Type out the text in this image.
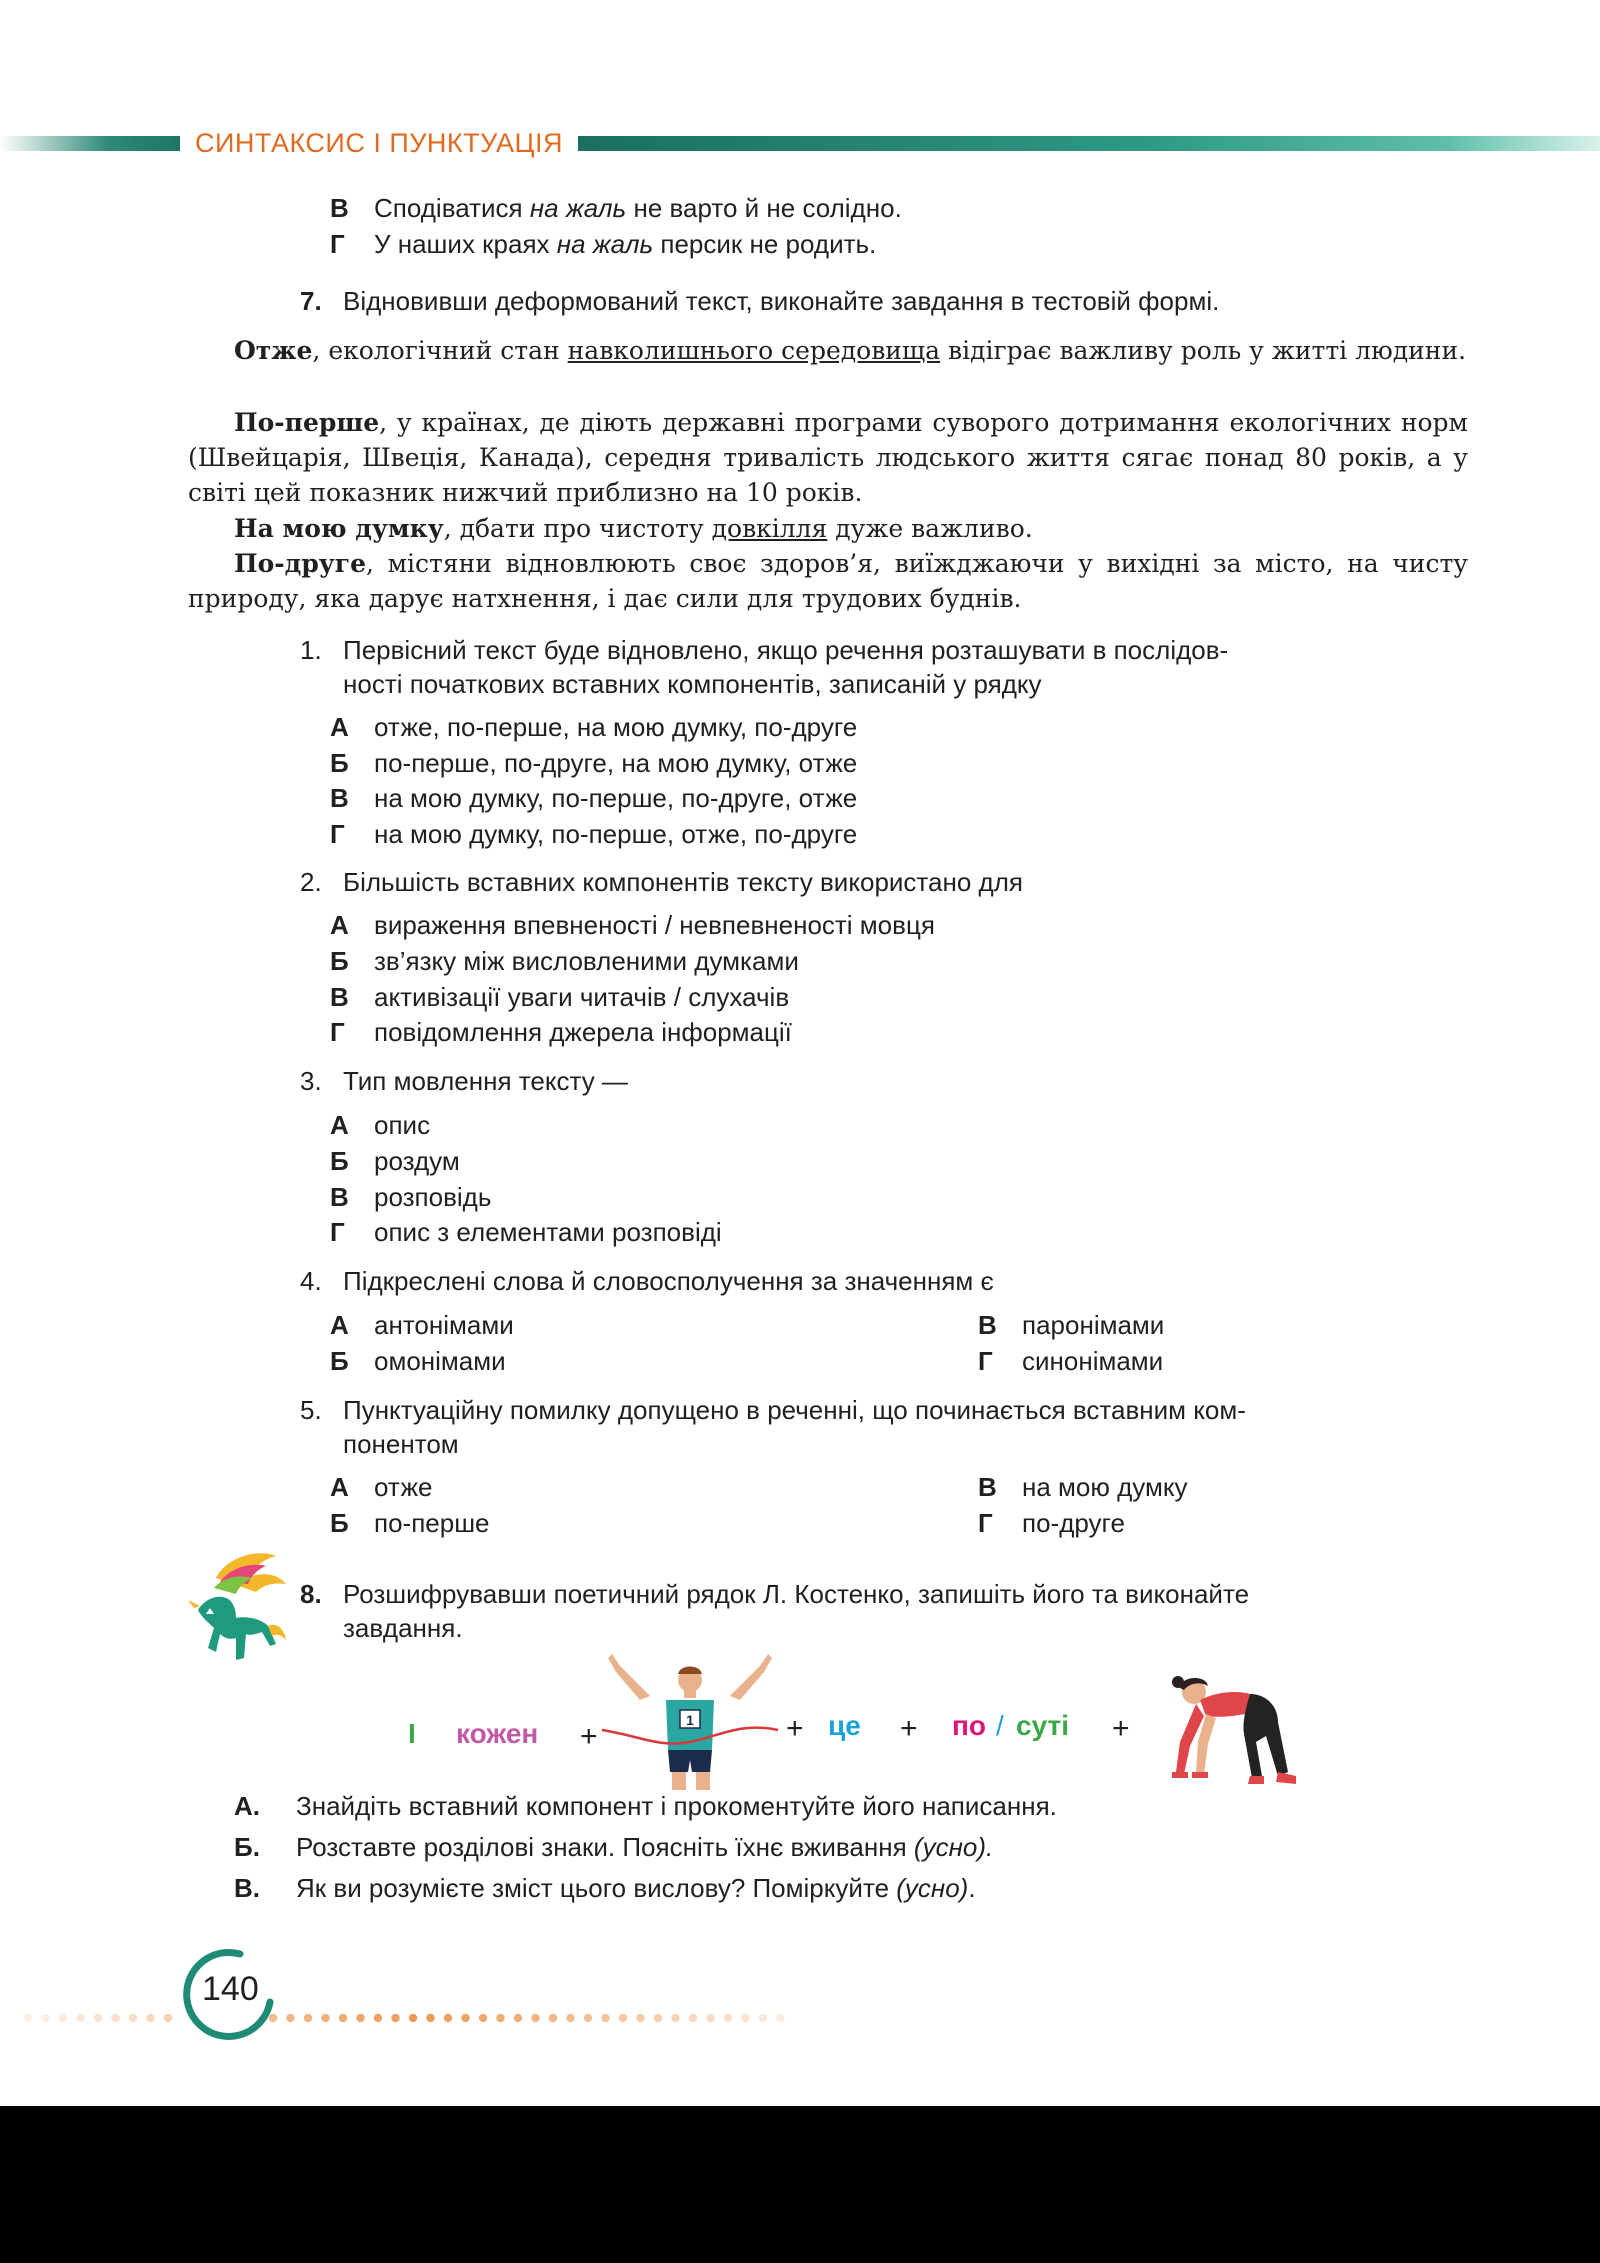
СИНТАКСИС І ПУНКТУАЦІЯ
В Сподіватися на жаль не варто й не солідно.
Г У наших краях на жаль персик не родить.
7. Відновивши деформований текст, виконайте завдання в тестовій формі.
Отже, екологічний стан навколишнього середовища відіграє важливу роль у житті людини.
По-перше, у країнах, де діють державні програми суворого дотримання екологічних норм (Швейцарія, Швеція, Канада), середня тривалість людського життя сягає понад 80 років, а у світі цей показник нижчий приблизно на 10 років.
На мою думку, дбати про чистоту довкілля дуже важливо.
По-друге, містяни відновлюють своє здоров’я, виїжджаючи у вихідні за місто, на чисту природу, яка дарує натхнення, і дає сили для трудових буднів.
1. Первісний текст буде відновлено, якщо речення розташувати в послідов-
ності початкових вставних компонентів, записаній у рядку
А отже, по-перше, на мою думку, по-друге
Б по-перше, по-друге, на мою думку, отже
В на мою думку, по-перше, по-друге, отже
Г на мою думку, по-перше, отже, по-друге
2. Більшість вставних компонентів тексту використано для
А вираження впевненості / невпевненості мовця
Б зв’язку між висловленими думками
В активізації уваги читачів / слухачів
Г повідомлення джерела інформації
3. Тип мовлення тексту —
А опис
Б роздум
В розповідь
Г опис з елементами розповіді
4. Підкреслені слова й словосполучення за значенням є
А антонімами
Б омонімами
В паронімами
Г синонімами
5. Пунктуаційну помилку допущено в реченні, що починається вставним ком-
понентом
А отже
Б по-перше
В на мою думку
Г по-друге
8. Розшифрувавши поетичний рядок Л. Костенко, запишіть його та виконайте
завдання.
І кожен +	1	+ це + по / суті +
А. Знайдіть вставний компонент і прокоментуйте його написання.
Б. Розставте розділові знаки. Поясніть їхнє вживання (усно).
В. Як ви розумієте зміст цього вислову? Поміркуйте (усно).
140
